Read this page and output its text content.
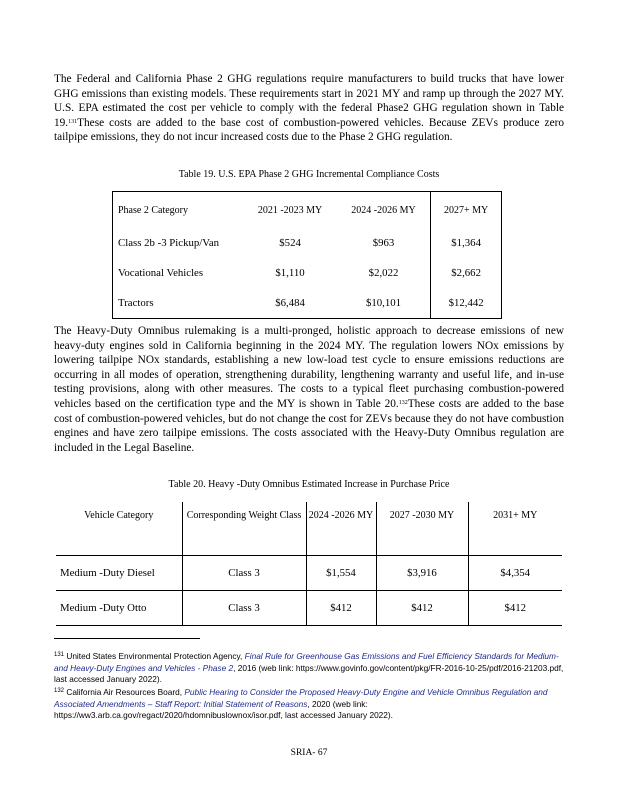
The Federal and California Phase 2 GHG regulations require manufacturers to build trucks that have lower GHG emissions than existing models. These requirements start in 2021 MY and ramp up through the 2027 MY. U.S. EPA estimated the cost per vehicle to comply with the federal Phase2 GHG regulation shown in Table 19.$^{131}$These costs are added to the base cost of combustion-powered vehicles. Because ZEVs produce zero tailpipe emissions, they do not incur increased costs due to the Phase 2 GHG regulation.

Table 19. U.S. EPA Phase 2 GHG Incremental Compliance Costs

Phase 2 Category	2021 -2023 MY	2024 -2026 MY	2027+ MY
Class 2b -3 Pickup/Van	$524	$963	$1,364
Vocational Vehicles	$1,110	$2,022	$2,662
Tractors	$6,484	$10,101	$12,442

The Heavy-Duty Omnibus rulemaking is a multi-pronged, holistic approach to decrease emissions of new heavy-duty engines sold in California beginning in the 2024 MY. The regulation lowers NOx emissions by lowering tailpipe NOx standards, establishing a new low-load test cycle to ensure emissions reductions are occurring in all modes of operation, strengthening durability, lengthening warranty and useful life, and in-use testing provisions, along with other measures. The costs to a typical fleet purchasing combustion-powered vehicles based on the certification type and the MY is shown in Table 20.$^{132}$These costs are added to the base cost of combustion-powered vehicles, but do not change the cost for ZEVs because they do not have combustion engines and have zero tailpipe emissions. The costs associated with the Heavy-Duty Omnibus regulation are included in the Legal Baseline.

Table 20. Heavy -Duty Omnibus Estimated Increase in Purchase Price

Vehicle Category	Corresponding Weight Class	2024 -2026 MY	2027 -2030 MY	2031+ MY
Medium -Duty Diesel	Class 3	$1,554	$3,916	$4,354
Medium -Duty Otto	Class 3	$412	$412	$412

$^{131}$ United States Environmental Protection Agency, Final Rule for Greenhouse Gas Emissions and Fuel Efficiency Standards for Medium- and Heavy-Duty Engines and Vehicles - Phase 2, 2016 (web link: https://www.govinfo.gov/content/pkg/FR-2016-10-25/pdf/2016-21203.pdf, last accessed January 2022).

$^{132}$ California Air Resources Board, Public Hearing to Consider the Proposed Heavy-Duty Engine and Vehicle Omnibus Regulation and Associated Amendments – Staff Report: Initial Statement of Reasons, 2020 (web link: https://ww3.arb.ca.gov/regact/2020/hdomnibuslownox/isor.pdf, last accessed January 2022).

SRIA- 67
